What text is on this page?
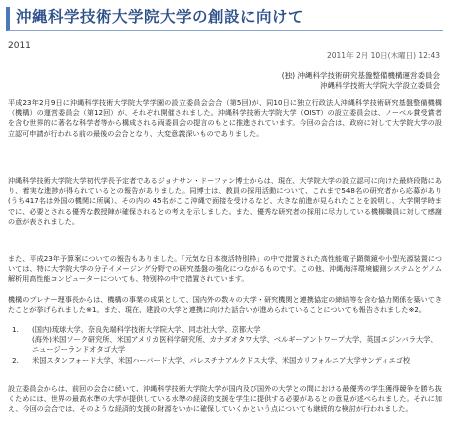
沖縄科学技術大学院大学の創設に向けて
2011
2011年 2月 10日(木曜日) 12:43
(独) 沖縄科学技術研究基盤整備機構運営委員会
沖縄科学技術大学院大学設立委員会

平成23年2月9日に沖縄科学技術大学院大学学園の設立委員会会合（第5回)が、同10日に独立行政法人沖縄科学技術研究基盤整備機構（機構）の運営委員会（第12回）が、それぞれ開催されました。沖縄科学技術大学院大学（OIST）の設立委員会は、ノーベル賞受賞者を含む世界的に著名な科学者等から構成される両委員会の提言のもとに推進されています。今回の会合は、政府に対して大学院大学の設立認可申請が行われる前の最後の会合となり、大変意義深いものでありました。

沖縄科学技術大学院大学初代学長予定者であるジョナサン・ドーファン博士からは、現在、大学院大学の設立認可に向けた最終段階にあり、着実な進捗が得られているとの報告がありました。同博士は、教員の採用活動について、これまで548名の研究者から応募があり(うち417名は外国の機関に所属）、その内の 45名がここ沖縄で面接を受けるなど、大きな前進が見られたことを説明し、大学開学時までに、必要とされる優秀な教授陣が確保されるとの考えを示しました。また、優秀な研究者の採用に尽力している機構職員に対して感謝の意が表されました。

また、平成23年予算案についての報告もありました。「元気な日本復活特別枠」の中で措置された高性能電子顕微鏡や小型光源装置については、特に大学院大学の分子イメージング分野での研究基盤の強化につながるものです。この他、沖縄海洋環境観測システムとゲノム解析用高性能コンピューターについても、特別枠の中で措置されています。

機構のプレナー理事長からは、機構の事業の成果として、国内外の数々の大学・研究機関と連携協定の締結等を含む協力関係を築いてきたことが挙げられました※1。また、現在、建設の大学と連携に向けた話合いが進められていることについても報告されました※2。

1. (国内)琉球大学、奈良先端科学技術大学院大学、同志社大学、京都大学
(海外)米国ソーク研究所、米国アメリカ医科学研究所、カナダオタワ大学、ベルギーアントワープ大学、英国エジンバラ大学、
ニュージーランドオタゴ大学
2. 米国スタンフォード大学、米国ハーバード大学、パレスチナアルクドス大学、米国カリフォルニア大学サンディエゴ校

設立委員会からは、前回の会合に続いて、沖縄科学技術大学院大学が国内及び国外の大学との間における最優秀の学生獲得競争を勝ち抜くためには、世界の最高水準の大学が提供している水準の経済的支援を学生に提供する必要があるとの意見が述べられました。それに加え、今回の会合では、そのような経済的支援の財源をいかに確保していくかという点についても継続的な検討が行われました。
